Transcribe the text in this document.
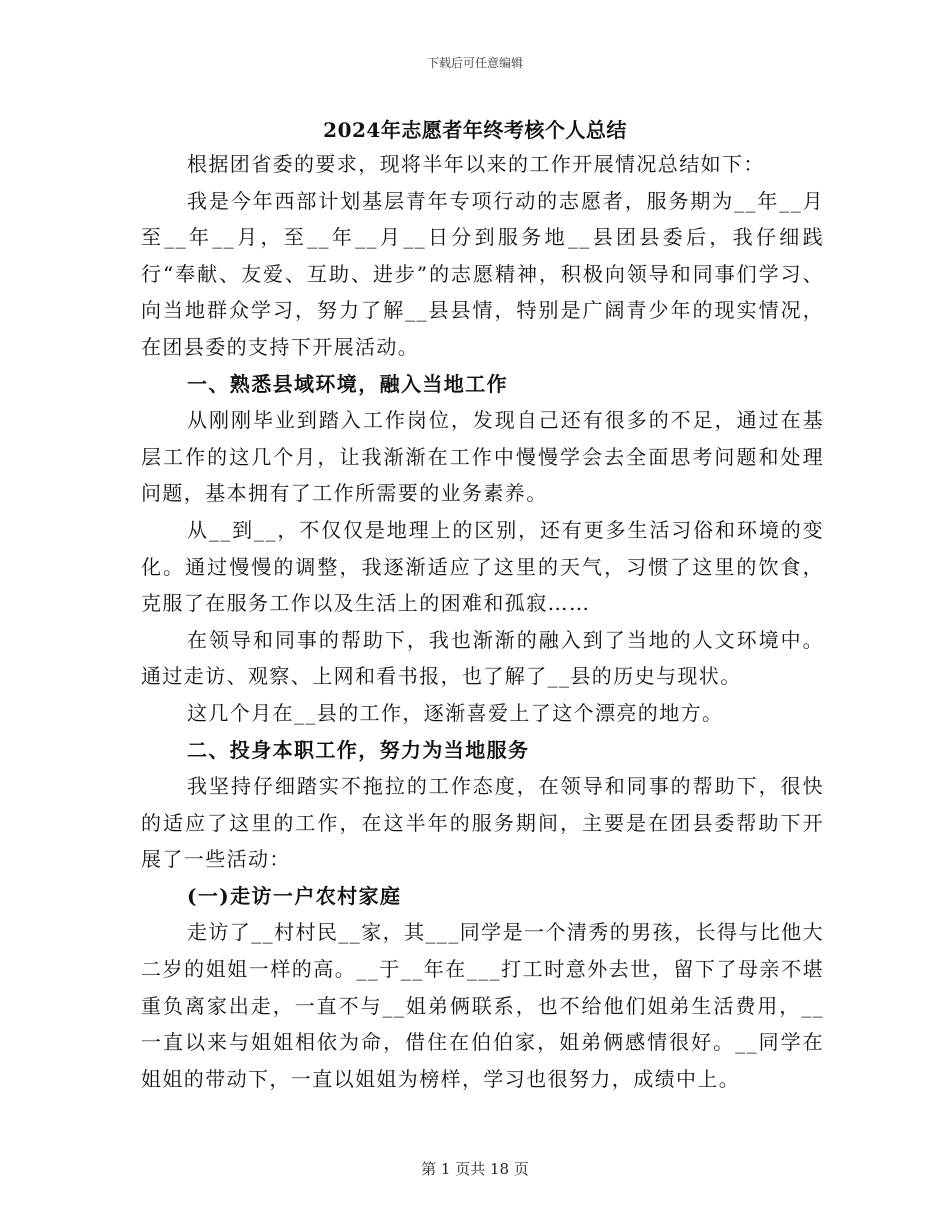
下载后可任意编辑
2024年志愿者年终考核个人总结

根据团省委的要求，现将半年以来的工作开展情况总结如下：

我是今年西部计划基层青年专项行动的志愿者，服务期为__年__月至__年__月，至__年__月__日分到服务地__县团县委后，我仔细践行“奉献、友爱、互助、进步”的志愿精神，积极向领导和同事们学习、向当地群众学习，努力了解__县县情，特别是广阔青少年的现实情况，在团县委的支持下开展活动。

一、熟悉县域环境，融入当地工作

从刚刚毕业到踏入工作岗位，发现自己还有很多的不足，通过在基层工作的这几个月，让我渐渐在工作中慢慢学会去全面思考问题和处理问题，基本拥有了工作所需要的业务素养。

从__到__，不仅仅是地理上的区别，还有更多生活习俗和环境的变化。通过慢慢的调整，我逐渐适应了这里的天气，习惯了这里的饮食，克服了在服务工作以及生活上的困难和孤寂……

在领导和同事的帮助下，我也渐渐的融入到了当地的人文环境中。通过走访、观察、上网和看书报，也了解了__县的历史与现状。

这几个月在__县的工作，逐渐喜爱上了这个漂亮的地方。

二、投身本职工作，努力为当地服务

我坚持仔细踏实不拖拉的工作态度，在领导和同事的帮助下，很快的适应了这里的工作，在这半年的服务期间，主要是在团县委帮助下开展了一些活动：

(一)走访一户农村家庭

走访了__村村民__家，其___同学是一个清秀的男孩，长得与比他大二岁的姐姐一样的高。__于__年在___打工时意外去世，留下了母亲不堪重负离家出走，一直不与__姐弟俩联系，也不给他们姐弟生活费用，__一直以来与姐姐相依为命，借住在伯伯家，姐弟俩感情很好。__同学在姐姐的带动下，一直以姐姐为榜样，学习也很努力，成绩中上。

第 1 页共 18 页
